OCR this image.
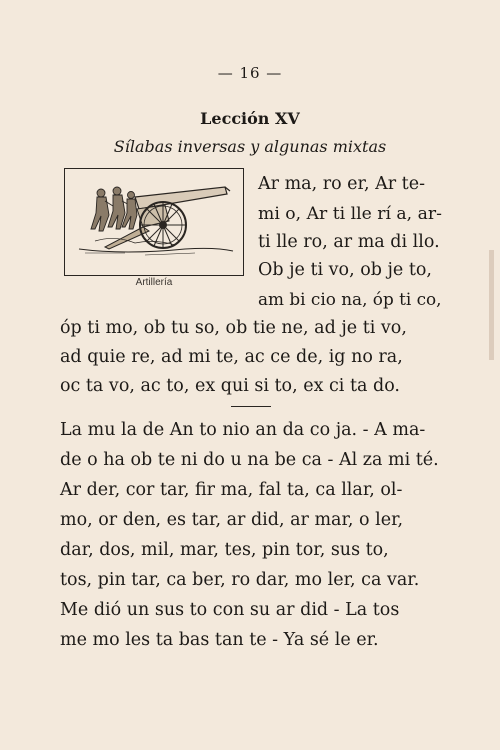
— 16 —
Lección XV
Sílabas inversas y algunas mixtas
Artillería
Ar ma, ro er, Ar te-
mi o, Ar ti lle rí a, ar-
ti lle ro, ar ma di llo.
Ob je ti vo, ob je to,
am bi cio na, óp ti co,
óp ti mo, ob tu so, ob tie ne, ad je ti vo,
ad quie re, ad mi te, ac ce de, ig no ra,
oc ta vo, ac to, ex qui si to, ex ci ta do.
La mu la de An to nio an da co ja. - A ma-
de o ha ob te ni do u na be ca - Al za mi té.
Ar der, cor tar, fir ma, fal ta, ca llar, ol-
mo, or den, es tar, ar did, ar mar, o ler,
dar, dos, mil, mar, tes, pin tor, sus to,
tos, pin tar, ca ber, ro dar, mo ler, ca var.
Me dió un sus to con su ar did - La tos
me mo les ta bas tan te - Ya sé le er.
